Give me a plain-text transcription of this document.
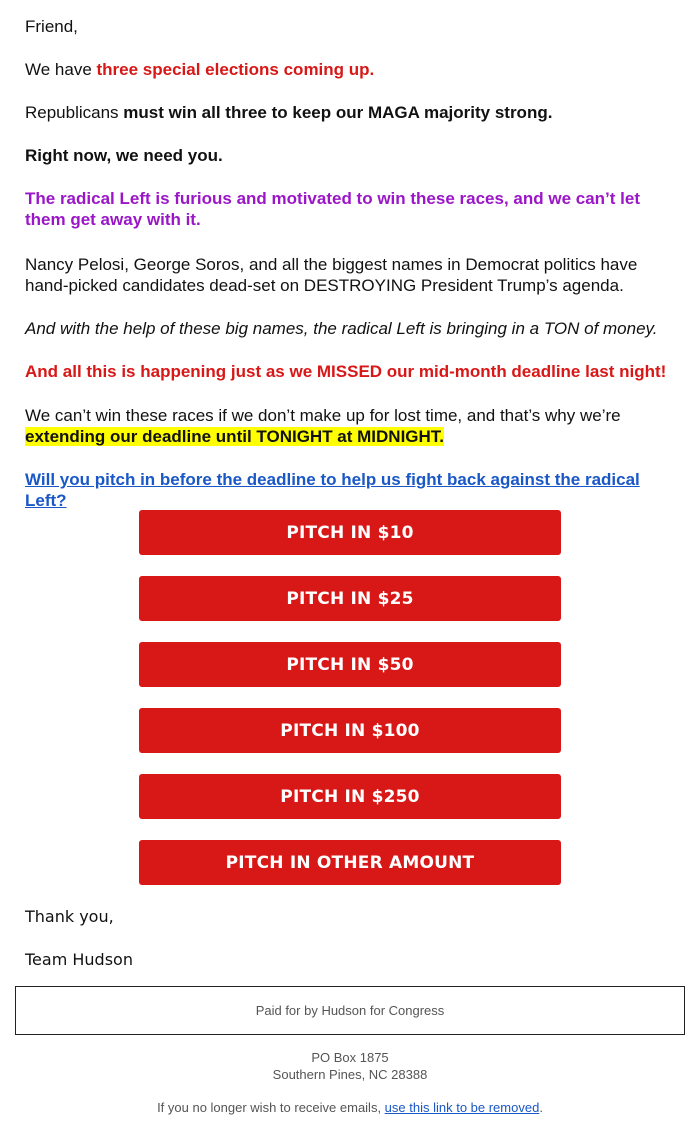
Friend,

We have three special elections coming up.

Republicans must win all three to keep our MAGA majority strong.

Right now, we need you.

The radical Left is furious and motivated to win these races, and we can’t let them get away with it.

Nancy Pelosi, George Soros, and all the biggest names in Democrat politics have hand-picked candidates dead-set on DESTROYING President Trump’s agenda.

And with the help of these big names, the radical Left is bringing in a TON of money.

And all this is happening just as we MISSED our mid-month deadline last night!

We can’t win these races if we don’t make up for lost time, and that’s why we’re extending our deadline until TONIGHT at MIDNIGHT.

Will you pitch in before the deadline to help us fight back against the radical Left?

PITCH IN $10
PITCH IN $25
PITCH IN $50
PITCH IN $100
PITCH IN $250
PITCH IN OTHER AMOUNT
Thank you,
Team Hudson
Paid for by Hudson for Congress
PO Box 1875
Southern Pines, NC 28388
If you no longer wish to receive emails, use this link to be removed.
